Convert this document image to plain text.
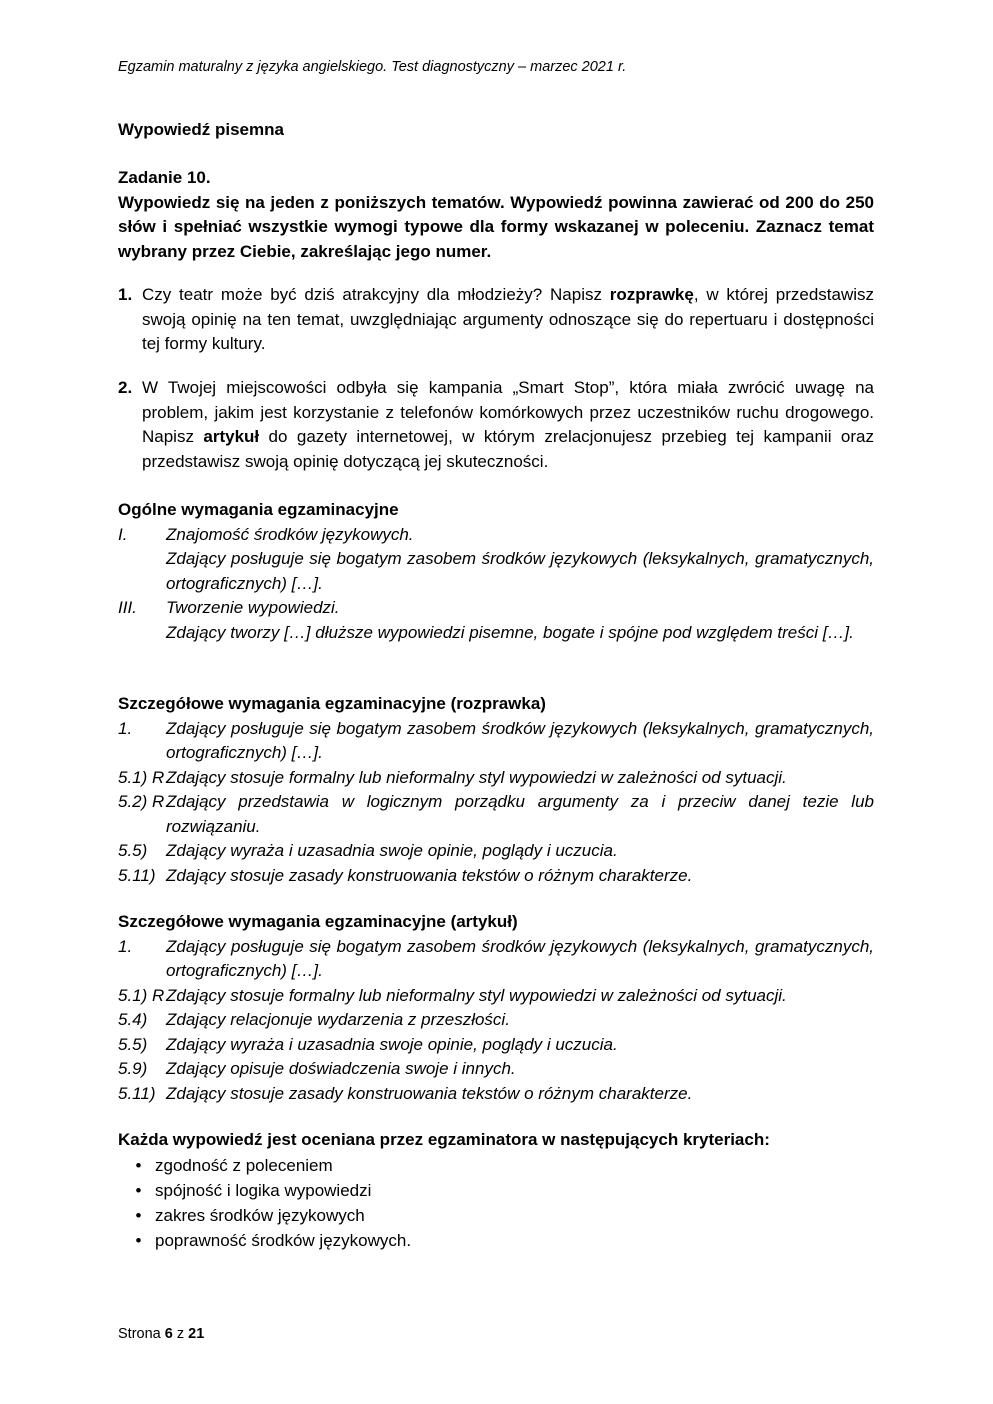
Egzamin maturalny z języka angielskiego. Test diagnostyczny – marzec 2021 r.
Wypowiedź pisemna
Zadanie 10.
Wypowiedz się na jeden z poniższych tematów. Wypowiedź powinna zawierać od 200 do 250 słów i spełniać wszystkie wymogi typowe dla formy wskazanej w poleceniu. Zaznacz temat wybrany przez Ciebie, zakreślając jego numer.
1. Czy teatr może być dziś atrakcyjny dla młodzieży? Napisz rozprawkę, w której przedstawisz swoją opinię na ten temat, uwzględniając argumenty odnoszące się do repertuaru i dostępności tej formy kultury.
2. W Twojej miejscowości odbyła się kampania „Smart Stop”, która miała zwrócić uwagę na problem, jakim jest korzystanie z telefonów komórkowych przez uczestników ruchu drogowego. Napisz artykuł do gazety internetowej, w którym zrelacjonujesz przebieg tej kampanii oraz przedstawisz swoją opinię dotyczącą jej skuteczności.
Ogólne wymagania egzaminacyjne
I.	Znajomość środków językowych.
Zdający posługuje się bogatym zasobem środków językowych (leksykalnych, gramatycznych, ortograficznych) […].
III.	Tworzenie wypowiedzi.
Zdający tworzy […] dłuższe wypowiedzi pisemne, bogate i spójne pod względem treści […].
Szczegółowe wymagania egzaminacyjne (rozprawka)
1.	Zdający posługuje się bogatym zasobem środków językowych (leksykalnych, gramatycznych, ortograficznych) […].
5.1) R Zdający stosuje formalny lub nieformalny styl wypowiedzi w zależności od sytuacji.
5.2) R Zdający przedstawia w logicznym porządku argumenty za i przeciw danej tezie lub rozwiązaniu.
5.5)	Zdający wyraża i uzasadnia swoje opinie, poglądy i uczucia.
5.11) Zdający stosuje zasady konstruowania tekstów o różnym charakterze.
Szczegółowe wymagania egzaminacyjne (artykuł)
1.	Zdający posługuje się bogatym zasobem środków językowych (leksykalnych, gramatycznych, ortograficznych) […].
5.1) R Zdający stosuje formalny lub nieformalny styl wypowiedzi w zależności od sytuacji.
5.4)	Zdający relacjonuje wydarzenia z przeszłości.
5.5)	Zdający wyraża i uzasadnia swoje opinie, poglądy i uczucia.
5.9)	Zdający opisuje doświadczenia swoje i innych.
5.11) Zdający stosuje zasady konstruowania tekstów o różnym charakterze.
Każda wypowiedź jest oceniana przez egzaminatora w następujących kryteriach:
• zgodność z poleceniem
• spójność i logika wypowiedzi
• zakres środków językowych
• poprawność środków językowych.
Strona 6 z 21
